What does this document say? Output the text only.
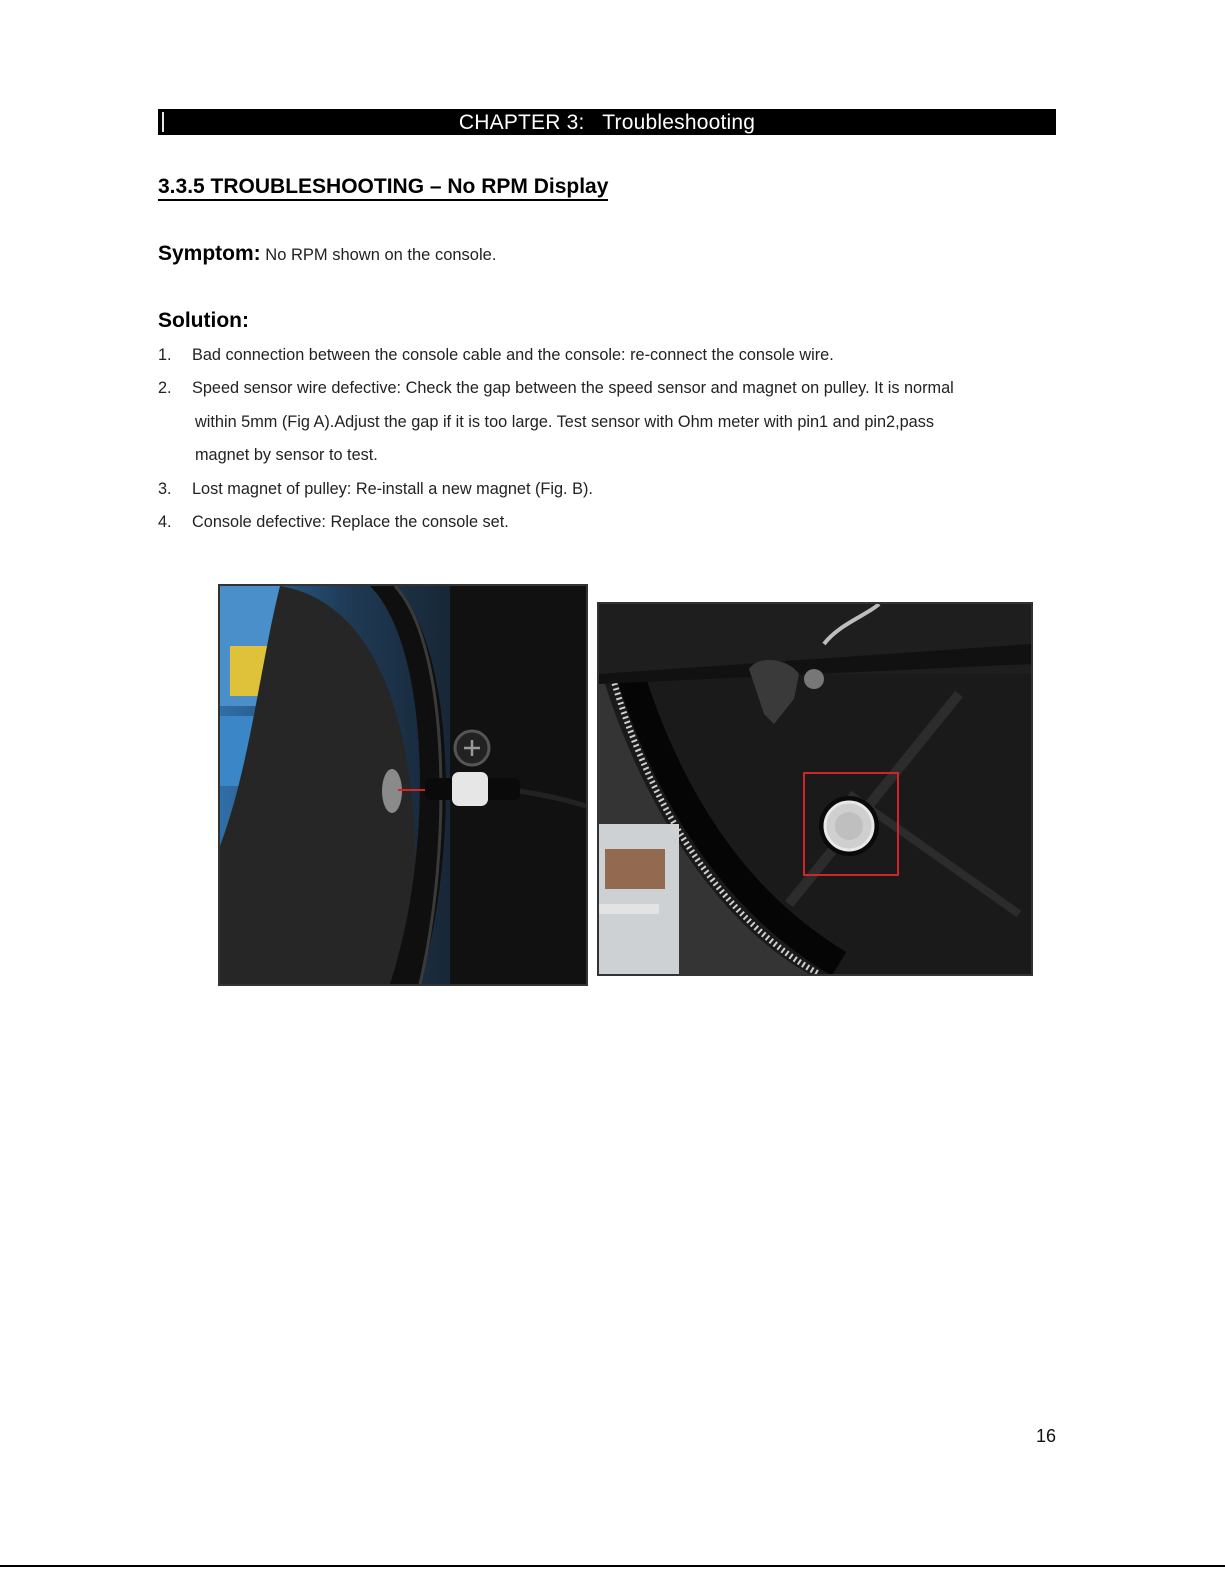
CHAPTER 3:   Troubleshooting
3.3.5 TROUBLESHOOTING – No RPM Display
Symptom: No RPM shown on the console.
Solution:
1. Bad connection between the console cable and the console: re-connect the console wire.
2. Speed sensor wire defective: Check the gap between the speed sensor and magnet on pulley. It is normal
within 5mm (Fig A).Adjust the gap if it is too large. Test sensor with Ohm meter with pin1 and pin2,pass
magnet by sensor to test.
3. Lost magnet of pulley: Re-install a new magnet (Fig. B).
4. Console defective: Replace the console set.
16
